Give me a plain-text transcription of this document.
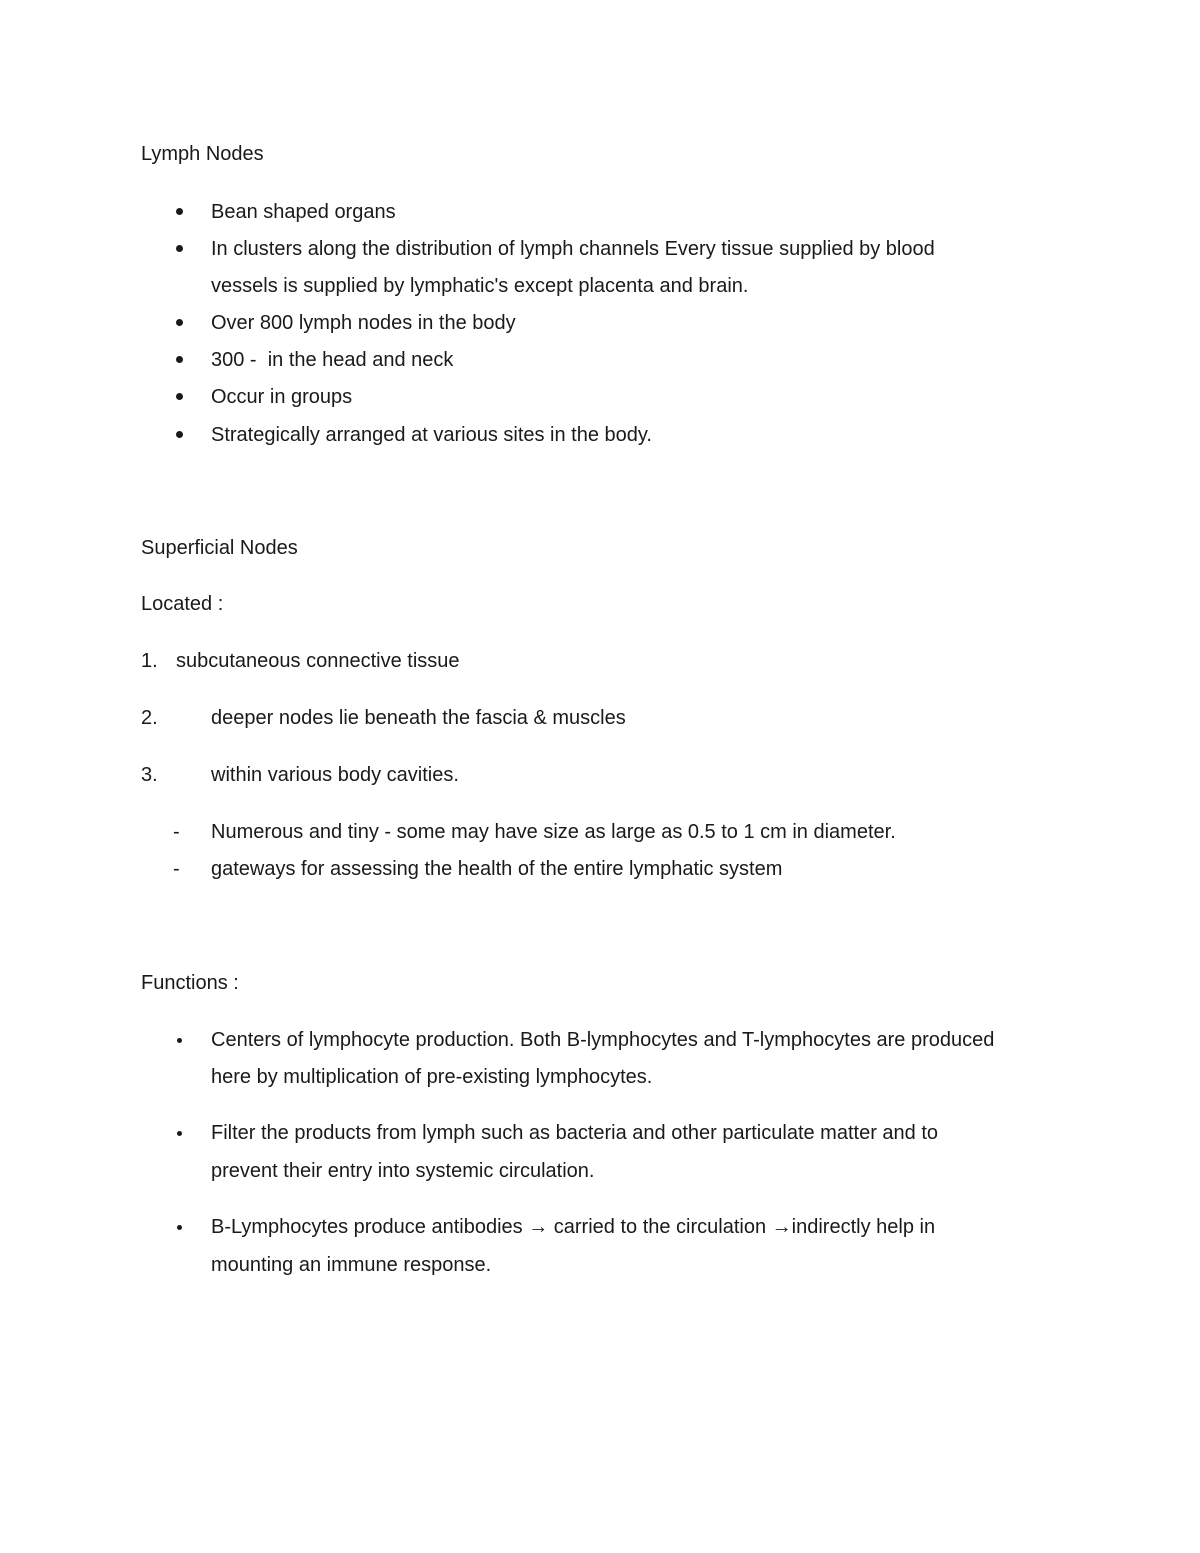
Lymph Nodes
Bean shaped organs
In clusters along the distribution of lymph channels Every tissue supplied by blood
vessels is supplied by lymphatic's except placenta and brain.
Over 800 lymph nodes in the body
300 -  in the head and neck
Occur in groups
Strategically arranged at various sites in the body.
Superficial Nodes
Located :
1. subcutaneous connective tissue
2.	deeper nodes lie beneath the fascia & muscles
3.	within various body cavities.
- Numerous and tiny - some may have size as large as 0.5 to 1 cm in diameter.
- gateways for assessing the health of the entire lymphatic system
Functions :
Centers of lymphocyte production. Both B-lymphocytes and T-lymphocytes are produced
here by multiplication of pre-existing lymphocytes.
Filter the products from lymph such as bacteria and other particulate matter and to
prevent their entry into systemic circulation.
B-Lymphocytes produce antibodies → carried to the circulation →indirectly help in
mounting an immune response.
